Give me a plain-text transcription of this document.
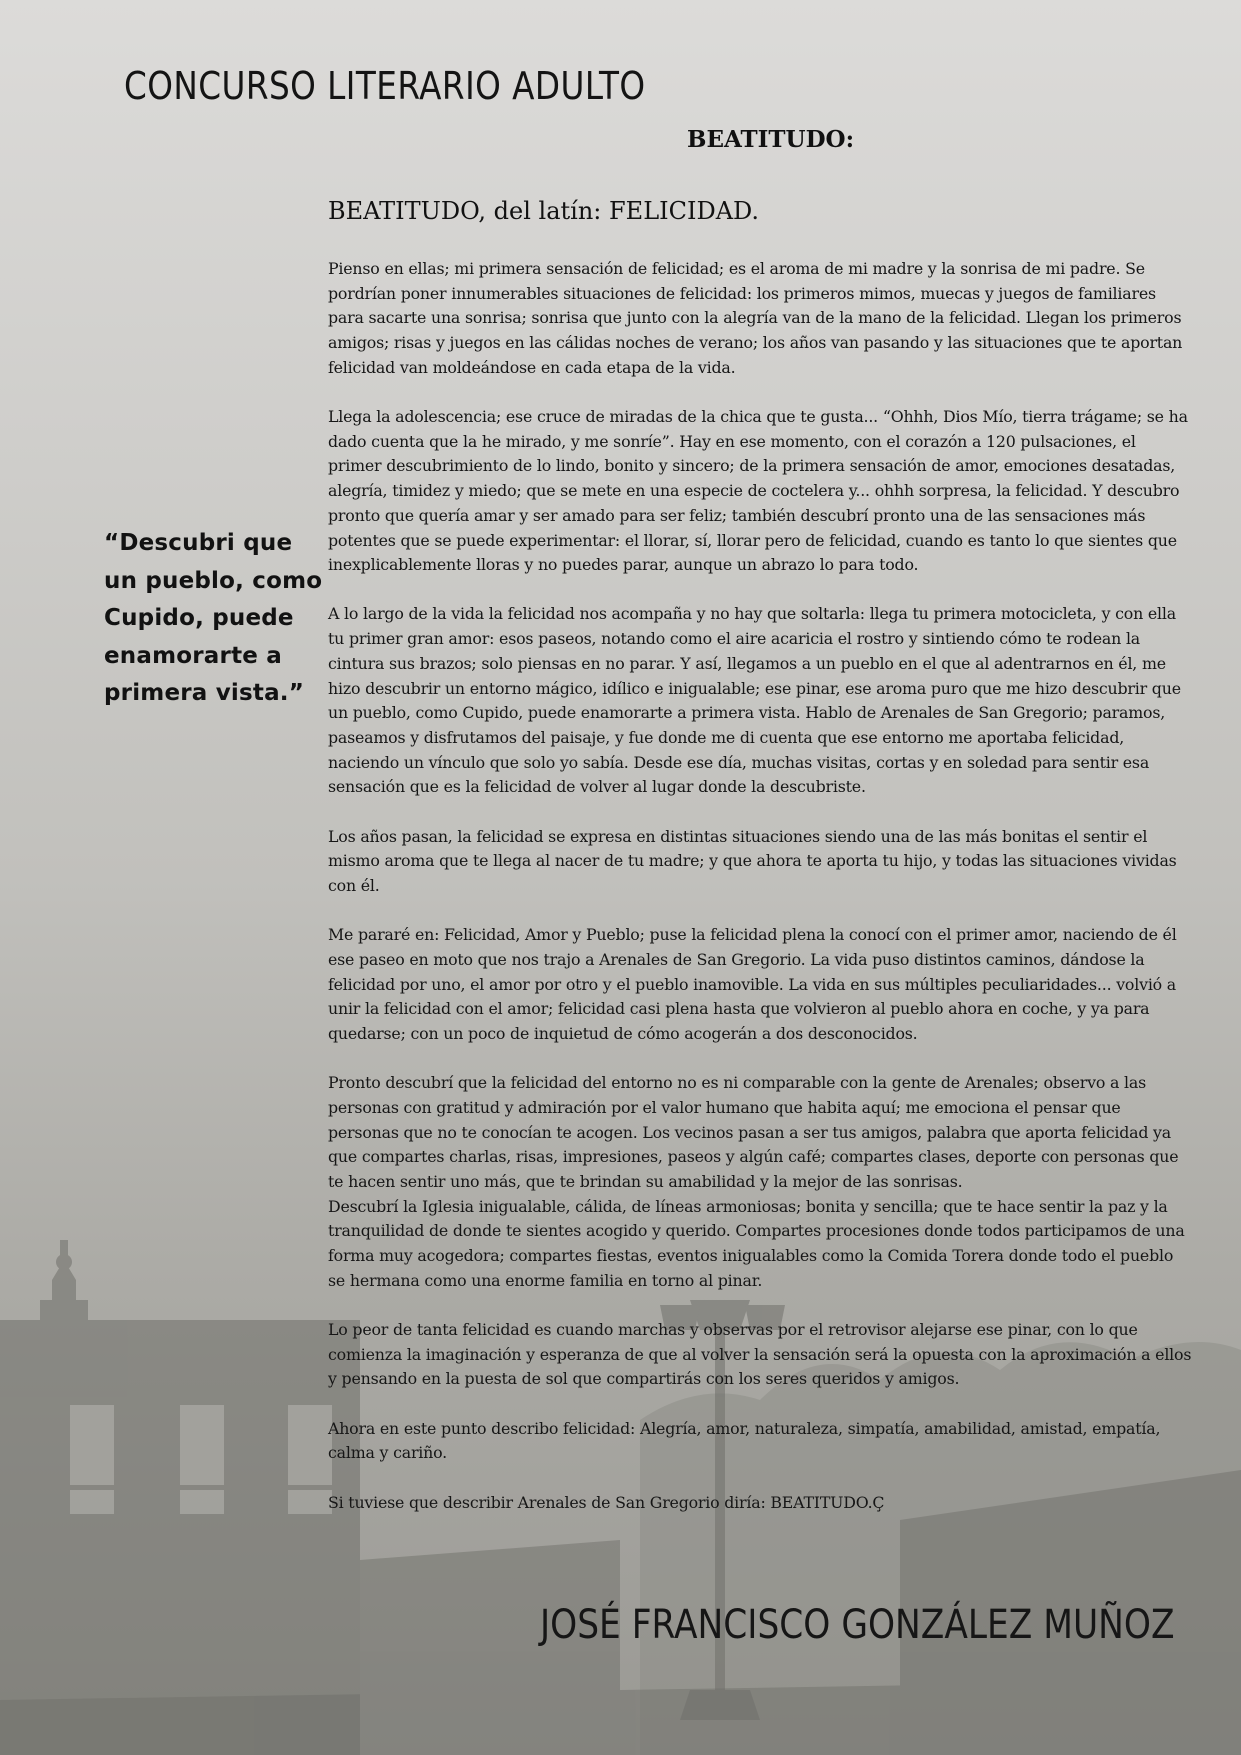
CONCURSO LITERARIO ADULTO
BEATITUDO:
BEATITUDO, del latín: FELICIDAD.
“Descubri que un pueblo, como Cupido, puede enamorarte a primera vista.”

Pienso en ellas; mi primera sensación de felicidad; es el aroma de mi madre y la sonrisa de mi padre. Se pordrían poner innumerables situaciones de felicidad: los primeros mimos, muecas y juegos de familiares para sacarte una sonrisa; sonrisa que junto con la alegría van de la mano de la felicidad. Llegan los primeros amigos; risas y juegos en las cálidas noches de verano; los años van pasando y las situaciones que te aportan felicidad van moldeándose en cada etapa de la vida.

Llega la adolescencia; ese cruce de miradas de la chica que te gusta... “Ohhh, Dios Mío, tierra trágame; se ha dado cuenta que la he mirado, y me sonríe”. Hay en ese momento, con el corazón a 120 pulsaciones, el primer descubrimiento de lo lindo, bonito y sincero; de la primera sensación de amor, emociones desatadas, alegría, timidez y miedo; que se mete en una especie de coctelera y... ohhh sorpresa, la felicidad. Y descubro pronto que quería amar y ser amado para ser feliz; también descubrí pronto una de las sensaciones más potentes que se puede experimentar: el llorar, sí, llorar pero de felicidad, cuando es tanto lo que sientes que inexplicablemente lloras y no puedes parar, aunque un abrazo lo para todo.

A lo largo de la vida la felicidad nos acompaña y no hay que soltarla: llega tu primera motocicleta, y con ella tu primer gran amor: esos paseos, notando como el aire acaricia el rostro y sintiendo cómo te rodean la cintura sus brazos; solo piensas en no parar. Y así, llegamos a un pueblo en el que al adentrarnos en él, me hizo descubrir un entorno mágico, idílico e inigualable; ese pinar, ese aroma puro que me hizo descubrir que un pueblo, como Cupido, puede enamorarte a primera vista. Hablo de Arenales de San Gregorio; paramos, paseamos y disfrutamos del paisaje, y fue donde me di cuenta que ese entorno me aportaba felicidad, naciendo un vínculo que solo yo sabía. Desde ese día, muchas visitas, cortas y en soledad para sentir esa sensación que es la felicidad de volver al lugar donde la descubriste.

Los años pasan, la felicidad se expresa en distintas situaciones siendo una de las más bonitas el sentir el mismo aroma que te llega al nacer de tu madre; y que ahora te aporta tu hijo, y todas las situaciones vividas con él.

Me pararé en: Felicidad, Amor y Pueblo; puse la felicidad plena la conocí con el primer amor, naciendo de él ese paseo en moto que nos trajo a Arenales de San Gregorio. La vida puso distintos caminos, dándose la felicidad por uno, el amor por otro y el pueblo inamovible. La vida en sus múltiples peculiaridades... volvió a unir la felicidad con el amor; felicidad casi plena hasta que volvieron al pueblo ahora en coche, y ya para quedarse; con un poco de inquietud de cómo acogerán a dos desconocidos.

Pronto descubrí que la felicidad del entorno no es ni comparable con la gente de Arenales; observo a las personas con gratitud y admiración por el valor humano que habita aquí; me emociona el pensar que personas que no te conocían te acogen. Los vecinos pasan a ser tus amigos, palabra que aporta felicidad ya que compartes charlas, risas, impresiones, paseos y algún café; compartes clases, deporte con personas que te hacen sentir uno más, que te brindan su amabilidad y la mejor de las sonrisas.

Descubrí la Iglesia inigualable, cálida, de líneas armoniosas; bonita y sencilla; que te hace sentir la paz y la tranquilidad de donde te sientes acogido y querido. Compartes procesiones donde todos participamos de una forma muy acogedora; compartes fiestas, eventos inigualables como la Comida Torera donde todo el pueblo se hermana como una enorme familia en torno al pinar.

Lo peor de tanta felicidad es cuando marchas y observas por el retrovisor alejarse ese pinar, con lo que comienza la imaginación y esperanza de que al volver la sensación será la opuesta con la aproximación a ellos y pensando en la puesta de sol que compartirás con los seres queridos y amigos.

Ahora en este punto describo felicidad: Alegría, amor, naturaleza, simpatía, amabilidad, amistad, empatía, calma y cariño.

Si tuviese que describir Arenales de San Gregorio diría: BEATITUDO.Ç

JOSÉ FRANCISCO GONZÁLEZ MUÑOZ
